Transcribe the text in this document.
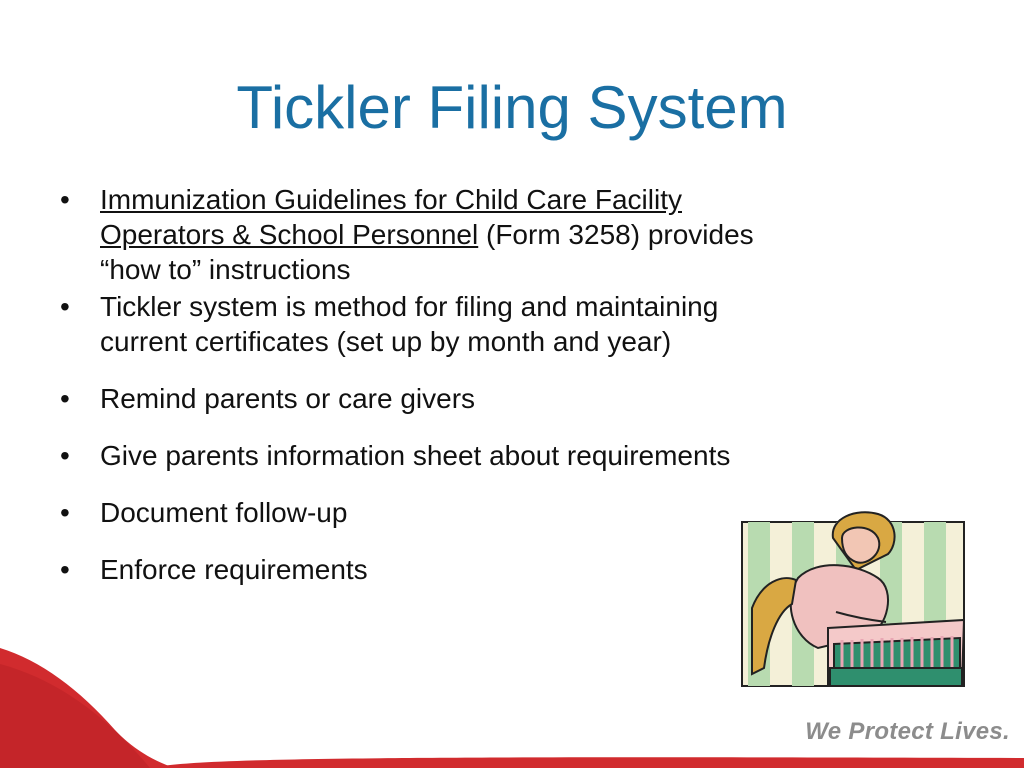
Tickler Filing System
• Immunization Guidelines for Child Care Facility
Operators & School Personnel (Form 3258) provides
“how to” instructions
• Tickler system is method for filing and maintaining
current certificates (set up by month and year)
• Remind parents or care givers
• Give parents information sheet about requirements
• Document follow-up
• Enforce requirements
We Protect Lives.
